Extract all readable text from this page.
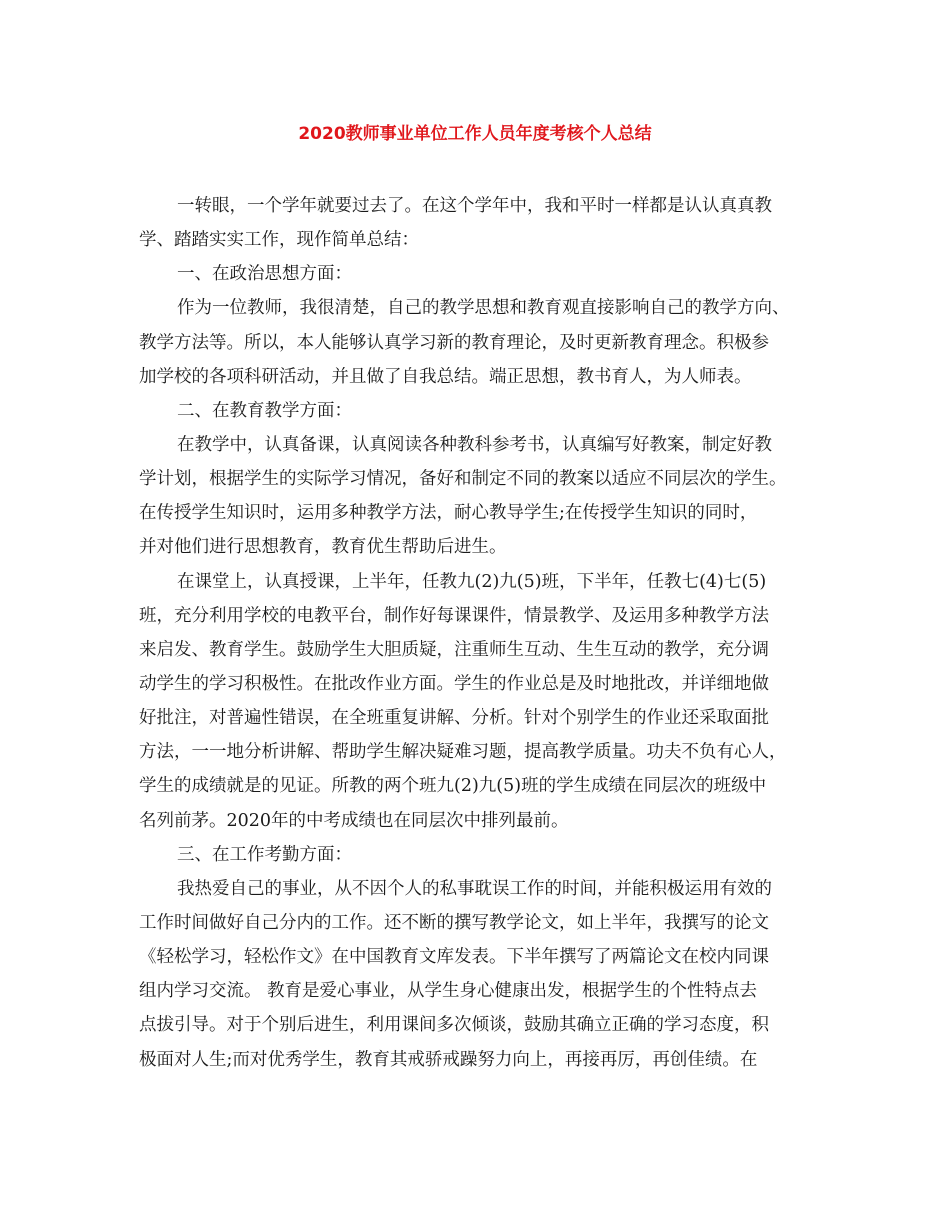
2020教师事业单位工作人员年度考核个人总结
一转眼，一个学年就要过去了。在这个学年中，我和平时一样都是认认真真教
学、踏踏实实工作，现作简单总结：
一、在政治思想方面：
作为一位教师，我很清楚，自己的教学思想和教育观直接影响自己的教学方向、
教学方法等。所以，本人能够认真学习新的教育理论，及时更新教育理念。积极参
加学校的各项科研活动，并且做了自我总结。端正思想，教书育人，为人师表。
二、在教育教学方面：
在教学中，认真备课，认真阅读各种教科参考书，认真编写好教案，制定好教
学计划，根据学生的实际学习情况，备好和制定不同的教案以适应不同层次的学生。
在传授学生知识时，运用多种教学方法，耐心教导学生;在传授学生知识的同时，
并对他们进行思想教育，教育优生帮助后进生。
在课堂上，认真授课，上半年，任教九(2)九(5)班，下半年，任教七(4)七(5)
班，充分利用学校的电教平台，制作好每课课件，情景教学、及运用多种教学方法
来启发、教育学生。鼓励学生大胆质疑，注重师生互动、生生互动的教学，充分调
动学生的学习积极性。在批改作业方面。学生的作业总是及时地批改，并详细地做
好批注，对普遍性错误，在全班重复讲解、分析。针对个别学生的作业还采取面批
方法，一一地分析讲解、帮助学生解决疑难习题，提高教学质量。功夫不负有心人，
学生的成绩就是的见证。所教的两个班九(2)九(5)班的学生成绩在同层次的班级中
名列前茅。2020年的中考成绩也在同层次中排列最前。
三、在工作考勤方面：
我热爱自己的事业，从不因个人的私事耽误工作的时间，并能积极运用有效的
工作时间做好自己分内的工作。还不断的撰写教学论文，如上半年，我撰写的论文
《轻松学习，轻松作文》在中国教育文库发表。下半年撰写了两篇论文在校内同课
组内学习交流。 教育是爱心事业，从学生身心健康出发，根据学生的个性特点去
点拔引导。对于个别后进生，利用课间多次倾谈，鼓励其确立正确的学习态度，积
极面对人生;而对优秀学生，教育其戒骄戒躁努力向上，再接再厉，再创佳绩。在
